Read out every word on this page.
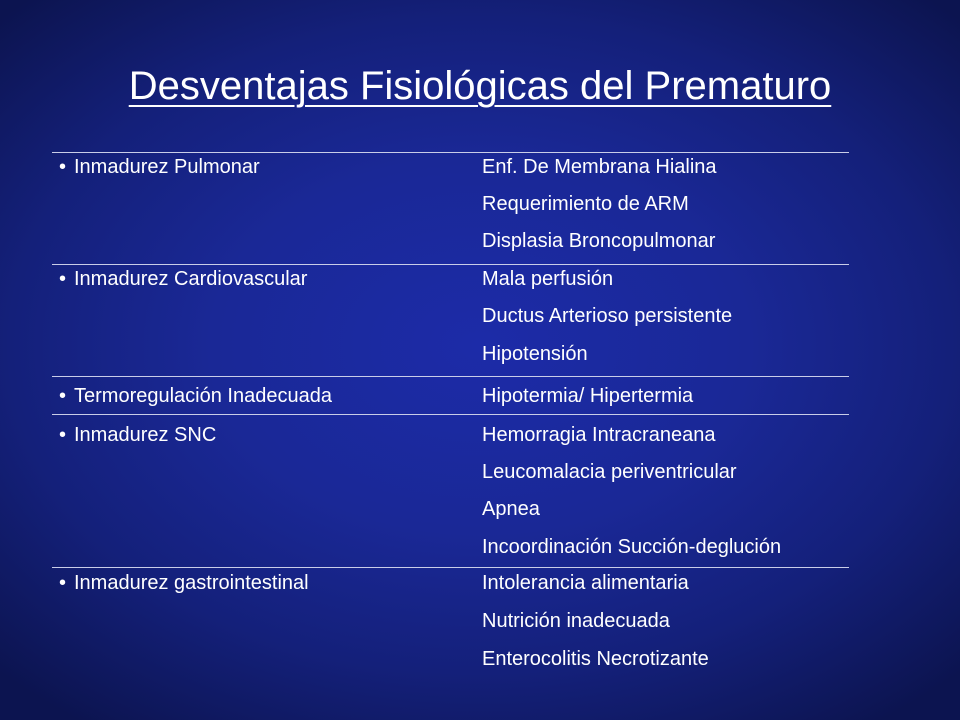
Desventajas Fisiológicas del Prematuro
• Inmadurez Pulmonar	Enf. De Membrana Hialina
Requerimiento de ARM
Displasia Broncopulmonar
• Inmadurez Cardiovascular	Mala perfusión
Ductus Arterioso persistente
Hipotensión
• Termoregulación Inadecuada	Hipotermia/ Hipertermia
• Inmadurez SNC	Hemorragia Intracraneana
Leucomalacia periventricular
Apnea
Incoordinación Succión-deglución
• Inmadurez gastrointestinal	Intolerancia alimentaria
Nutrición inadecuada
Enterocolitis Necrotizante
